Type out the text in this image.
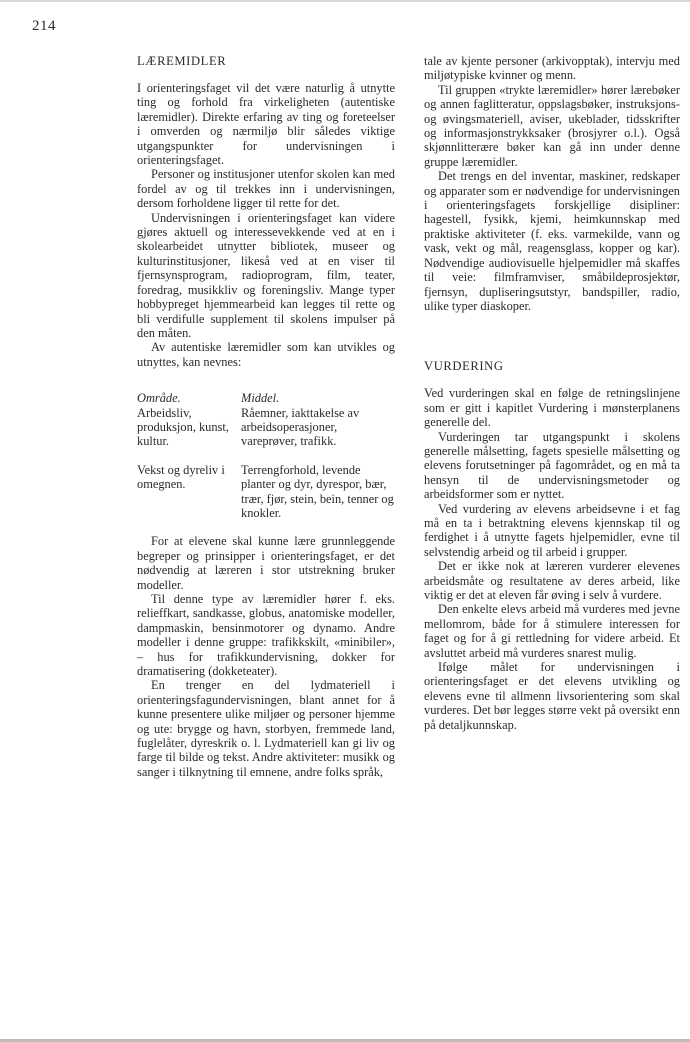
214
LÆREMIDLER

I orienteringsfaget vil det være naturlig å utnytte ting og forhold fra virkeligheten (autentiske læremidler). Direkte erfaring av ting og foreteelser i omverden og nærmiljø blir således viktige utgangspunkter for undervisningen i orienteringsfaget.

Personer og institusjoner utenfor skolen kan med fordel av og til trekkes inn i undervisningen, dersom forholdene ligger til rette for det.

Undervisningen i orienteringsfaget kan videre gjøres aktuell og interessevekkende ved at en i skolearbeidet utnytter bibliotek, museer og kulturinstitusjoner, likeså ved at en viser til fjernsynsprogram, radioprogram, film, teater, foredrag, musikkliv og foreningsliv. Mange typer hobbypreget hjemmearbeid kan legges til rette og bli verdifulle supplement til skolens impulser på den måten.

Av autentiske læremidler som kan utvikles og utnyttes, kan nevnes:

Område.	Middel.
Arbeidsliv, produksjon, kunst, kultur.
Råemner, iakttakelse av arbeidsoperasjoner, vareprøver, trafikk.
Vekst og dyreliv i omegnen.
Terrengforhold, levende planter og dyr, dyrespor, bær, trær, fjør, stein, bein, tenner og knokler.

For at elevene skal kunne lære grunnleggende begreper og prinsipper i orienteringsfaget, er det nødvendig at læreren i stor utstrekning bruker modeller.

Til denne type av læremidler hører f. eks. relieffkart, sandkasse, globus, anatomiske modeller, dampmaskin, bensinmotorer og dynamo. Andre modeller i denne gruppe: trafikkskilt, «minibiler», – hus for trafikkundervisning, dokker for dramatisering (dokketeater).

En trenger en del lydmateriell i orienteringsfagundervisningen, blant annet for å kunne presentere ulike miljøer og personer hjemme og ute: brygge og havn, storbyen, fremmede land, fuglelåter, dyreskrik o. l. Lydmateriell kan gi liv og farge til bilde og tekst. Andre aktiviteter: musikk og sanger i tilknytning til emnene, andre folks språk,

tale av kjente personer (arkivopptak), intervju med miljøtypiske kvinner og menn.

Til gruppen «trykte læremidler» hører lærebøker og annen faglitteratur, oppslagsbøker, instruksjons- og øvingsmateriell, aviser, ukeblader, tidsskrifter og informasjonstrykksaker (brosjyrer o.l.). Også skjønnlitterære bøker kan gå inn under denne gruppe læremidler.

Det trengs en del inventar, maskiner, redskaper og apparater som er nødvendige for undervisningen i orienteringsfagets forskjellige disipliner: hagestell, fysikk, kjemi, heimkunnskap med praktiske aktiviteter (f. eks. varmekilde, vann og vask, vekt og mål, reagensglass, kopper og kar). Nødvendige audiovisuelle hjelpemidler må skaffes til veie: filmframviser, småbildeprosjektør, fjernsyn, dupliseringsutstyr, bandspiller, radio, ulike typer diaskoper.

VURDERING

Ved vurderingen skal en følge de retningslinjene som er gitt i kapitlet Vurdering i mønsterplanens generelle del.

Vurderingen tar utgangspunkt i skolens generelle målsetting, fagets spesielle målsetting og elevens forutsetninger på fagområdet, og en må ta hensyn til de undervisningsmetoder og arbeidsformer som er nyttet.

Ved vurdering av elevens arbeidsevne i et fag må en ta i betraktning elevens kjennskap til og ferdighet i å utnytte fagets hjelpemidler, evne til selvstendig arbeid og til arbeid i grupper.

Det er ikke nok at læreren vurderer elevenes arbeidsmåte og resultatene av deres arbeid, like viktig er det at eleven får øving i selv å vurdere.

Den enkelte elevs arbeid må vurderes med jevne mellomrom, både for å stimulere interessen for faget og for å gi rettledning for videre arbeid. Et avsluttet arbeid må vurderes snarest mulig.

Ifølge målet for undervisningen i orienteringsfaget er det elevens utvikling og elevens evne til allmenn livsorientering som skal vurderes. Det bør legges større vekt på oversikt enn på detaljkunnskap.
